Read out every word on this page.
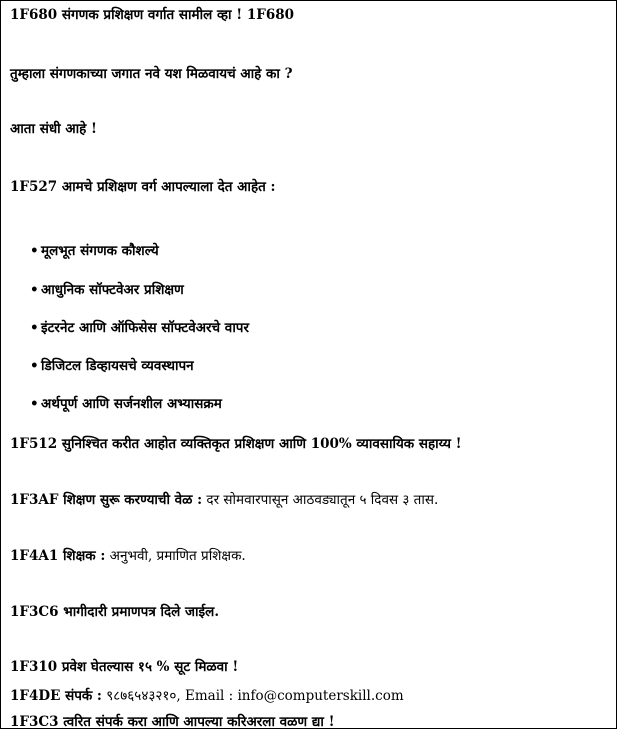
1F680 संगणक प्रशिक्षण वर्गात सामील व्हा ! 1F680
तुम्हाला संगणकाच्या जगात नवे यश मिळवायचं आहे का ?
आता संधी आहे !
1F527 आमचे प्रशिक्षण वर्ग आपल्याला देत आहेत :
• मूलभूत संगणक कौशल्ये
• आधुनिक सॉफ्टवेअर प्रशिक्षण
• इंटरनेट आणि ऑफिसेस सॉफ्टवेअरचे वापर
• डिजिटल डिव्हायसचे व्यवस्थापन
• अर्थपूर्ण आणि सर्जनशील अभ्यासक्रम
1F512 सुनिश्चित करीत आहोत व्यक्तिकृत प्रशिक्षण आणि 100% व्यावसायिक सहाय्य !
1F3AF शिक्षण सुरू करण्याची वेळ : दर सोमवारपासून आठवड्यातून ५ दिवस ३ तास.
1F4A1 शिक्षक : अनुभवी, प्रमाणित प्रशिक्षक.
1F3C6 भागीदारी प्रमाणपत्र दिले जाईल.
1F310 प्रवेश घेतल्यास १५ % सूट मिळवा !
1F4DE संपर्क : ९८७६५४३२१०, Email : info@computerskill.com
1F3C3 त्वरित संपर्क करा आणि आपल्या करिअरला वळण द्या !
